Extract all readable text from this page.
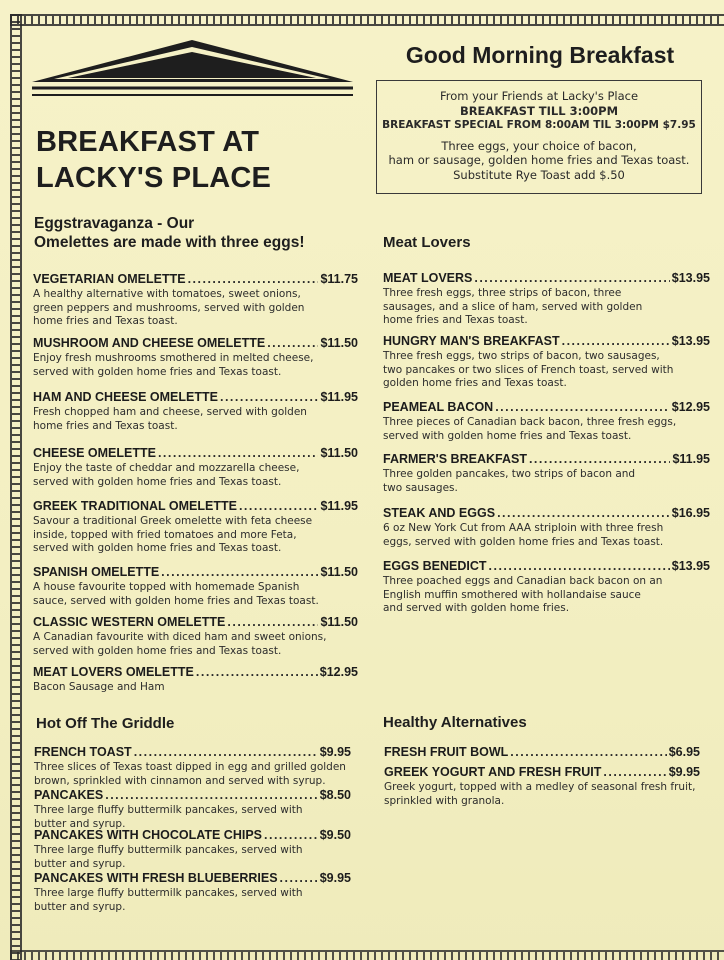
BREAKFAST AT
LACKY'S PLACE
Good Morning Breakfast
From your Friends at Lacky's Place
BREAKFAST TILL 3:00PM
BREAKFAST SPECIAL FROM 8:00AM TIL 3:00PM $7.95
Three eggs, your choice of bacon,
ham or sausage, golden home fries and Texas toast.
Substitute Rye Toast add $.50
Eggstravaganza - Our
Omelettes are made with three eggs!
VEGETARIAN OMELETTE .....	$11.75
A healthy alternative with tomatoes, sweet onions,
green peppers and mushrooms, served with golden
home fries and Texas toast.
MUSHROOM AND CHEESE OMELETTE .....	$11.50
Enjoy fresh mushrooms smothered in melted cheese,
served with golden home fries and Texas toast.
HAM AND CHEESE OMELETTE .....	$11.95
Fresh chopped ham and cheese, served with golden
home fries and Texas toast.
CHEESE OMELETTE .....	$11.50
Enjoy the taste of cheddar and mozzarella cheese,
served with golden home fries and Texas toast.
GREEK TRADITIONAL OMELETTE .....	$11.95
Savour a traditional Greek omelette with feta cheese
inside, topped with fried tomatoes and more Feta,
served with golden home fries and Texas toast.
SPANISH OMELETTE .....	$11.50
A house favourite topped with homemade Spanish
sauce, served with golden home fries and Texas toast.
CLASSIC WESTERN OMELETTE .....	$11.50
A Canadian favourite with diced ham and sweet onions,
served with golden home fries and Texas toast.
MEAT LOVERS OMELETTE .....	$12.95
Bacon Sausage and Ham
Meat Lovers
MEAT LOVERS .....	$13.95
Three fresh eggs, three strips of bacon, three
sausages, and a slice of ham, served with golden
home fries and Texas toast.
HUNGRY MAN'S BREAKFAST .....	$13.95
Three fresh eggs, two strips of bacon, two sausages,
two pancakes or two slices of French toast, served with
golden home fries and Texas toast.
PEAMEAL BACON .....	$12.95
Three pieces of Canadian back bacon, three fresh eggs,
served with golden home fries and Texas toast.
FARMER'S BREAKFAST .....	$11.95
Three golden pancakes, two strips of bacon and
two sausages.
STEAK AND EGGS .....	$16.95
6 oz New York Cut from AAA striploin with three fresh
eggs, served with golden home fries and Texas toast.
EGGS BENEDICT .....	$13.95
Three poached eggs and Canadian back bacon on an
English muffin smothered with hollandaise sauce
and served with golden home fries.
Hot Off The Griddle
FRENCH TOAST .....	$9.95
Three slices of Texas toast dipped in egg and grilled golden
brown, sprinkled with cinnamon and served with syrup.
PANCAKES .....	$8.50
Three large fluffy buttermilk pancakes, served with
butter and syrup.
PANCAKES WITH CHOCOLATE CHIPS .....	$9.50
Three large fluffy buttermilk pancakes, served with
butter and syrup.
PANCAKES WITH FRESH BLUEBERRIES .....	$9.95
Three large fluffy buttermilk pancakes, served with
butter and syrup.
Healthy Alternatives
FRESH FRUIT BOWL .....	$6.95
GREEK YOGURT AND FRESH FRUIT .....	$9.95
Greek yogurt, topped with a medley of seasonal fresh fruit,
sprinkled with granola.
